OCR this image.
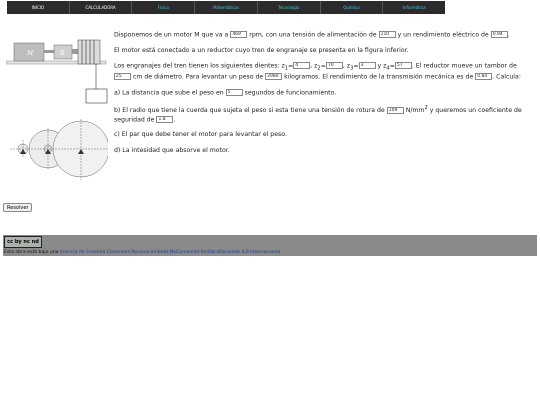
INICIO	CALCULADORA	Física	Matemáticas	Tecnología	Química	Informática
M	R

Disponemos de un motor M que va a 469	rpm, con una tensión de alimentación de 110	y un rendimiento eléctrico de 0.94	.

El motor está conectado a un reductor cuyo tren de engranaje se presenta en la figura inferior.

Los engranajes del tren tienen los siguientes dientes: $z_1= 4$	, $z_2= 70$	, $z_3= 3$	y $z_4= 57$	. El reductor mueve un tambor de 25 cm de diámetro. Para levantar un peso de 2980	kilogramos. El rendimiento de la transmisión mecánica es de 0.84	. Calcula:

a) La distancia que sube el peso en 5	segundos de funcionamiento.

b) El radio que tiene la cuerda que sujeta el peso si esta tiene una tensión de rotura de 109	$N/mm^2$ y queremos un coeficiente de seguridad de 1.8	.

c) El par que debe tener el motor para levantar el peso.

d) La intesidad que absorve el motor.

Resolver
cc by nc nd
Esta obra está bajo una licencia de Creative Commons Reconocimiento-NoComercial-SinObraDerivada 4.0 Internacional
